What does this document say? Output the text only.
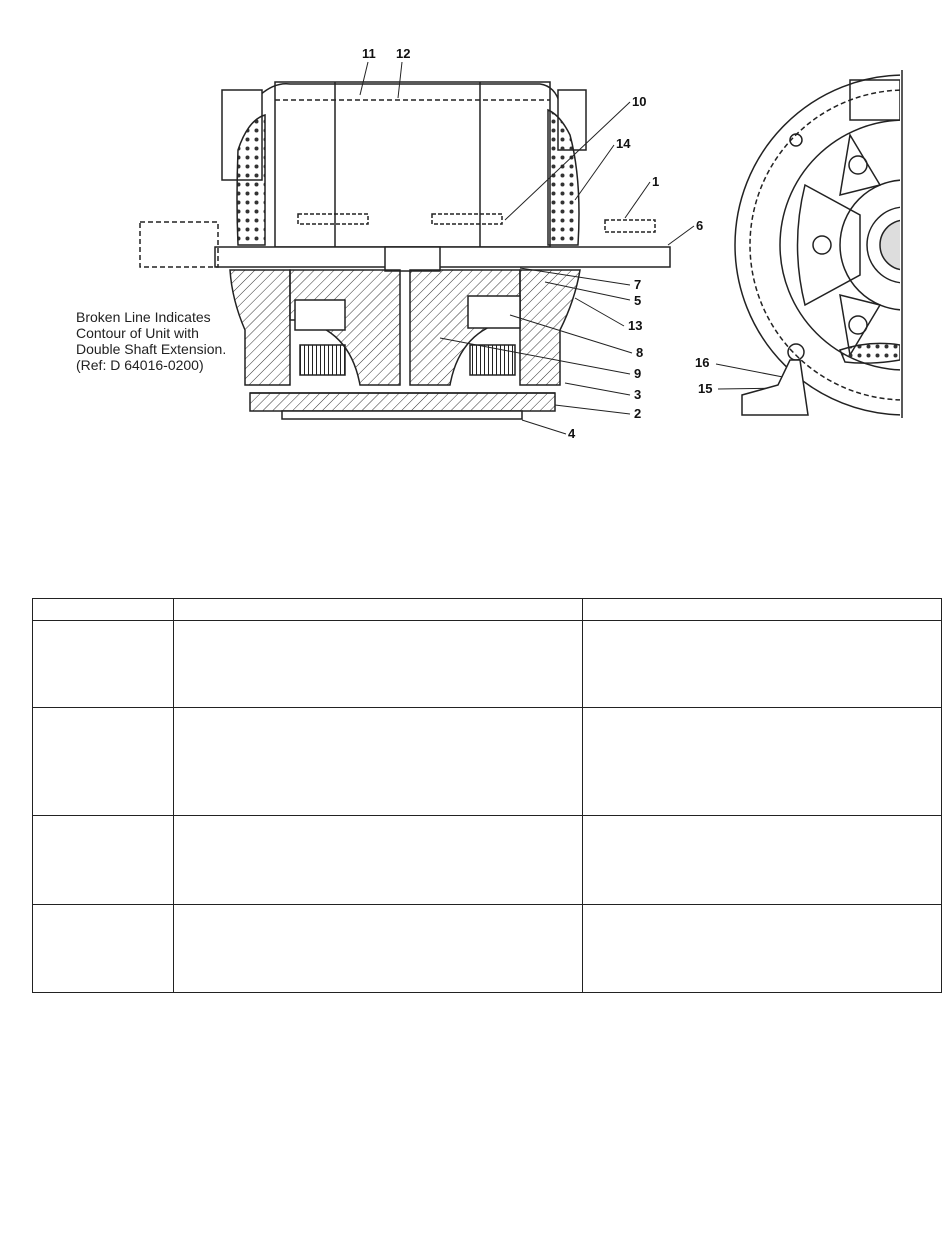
11 12
10
14
1
6
7
5
13
8
9
3
2
4
16
15
Broken Line Indicates Contour of Unit with Double Shaft Extension. (Ref: D 64016-0200)
